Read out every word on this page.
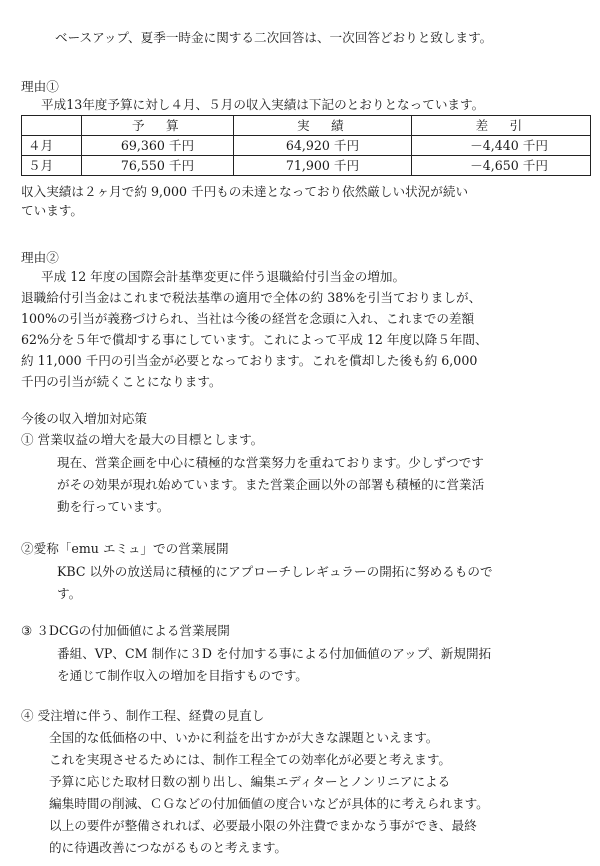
ベースアップ、夏季一時金に関する二次回答は、一次回答どおりと致します。
理由①
平成13年度予算に対し４月、５月の収入実績は下記のとおりとなっています。
	予　算	実　績	差　引
４月	69,360 千円	64,920 千円	－4,440 千円
５月	76,550 千円	71,900 千円	－4,650 千円
収入実績は２ヶ月で約 9,000 千円もの未達となっており依然厳しい状況が続い
ています。
理由②
平成 12 年度の国際会計基準変更に伴う退職給付引当金の増加。
退職給付引当金はこれまで税法基準の適用で全体の約 38%を引当ておりましが、
100%の引当が義務づけられ、当社は今後の経営を念頭に入れ、これまでの差額
62%分を５年で償却する事にしています。これによって平成 12 年度以降５年間、
約 11,000 千円の引当金が必要となっております。これを償却した後も約 6,000
千円の引当が続くことになります。
今後の収入増加対応策
① 営業収益の増大を最大の目標とします。
現在、営業企画を中心に積極的な営業努力を重ねております。少しずつです
がその効果が現れ始めています。また営業企画以外の部署も積極的に営業活
動を行っています。
②愛称「emu エミュ」での営業展開
KBC 以外の放送局に積極的にアプローチしレギュラーの開拓に努めるもので
す。
③ ３DCGの付加価値による営業展開
番組、VP、CM 制作に３D を付加する事による付加価値のアップ、新規開拓
を通じて制作収入の増加を目指すものです。
④ 受注増に伴う、制作工程、経費の見直し
全国的な低価格の中、いかに利益を出すかが大きな課題といえます。
これを実現させるためには、制作工程全ての効率化が必要と考えます。
予算に応じた取材日数の割り出し、編集エディターとノンリニアによる
編集時間の削減、ＣＧなどの付加価値の度合いなどが具体的に考えられます。
以上の要件が整備されれば、必要最小限の外注費でまかなう事ができ、最終
的に待遇改善につながるものと考えます。
